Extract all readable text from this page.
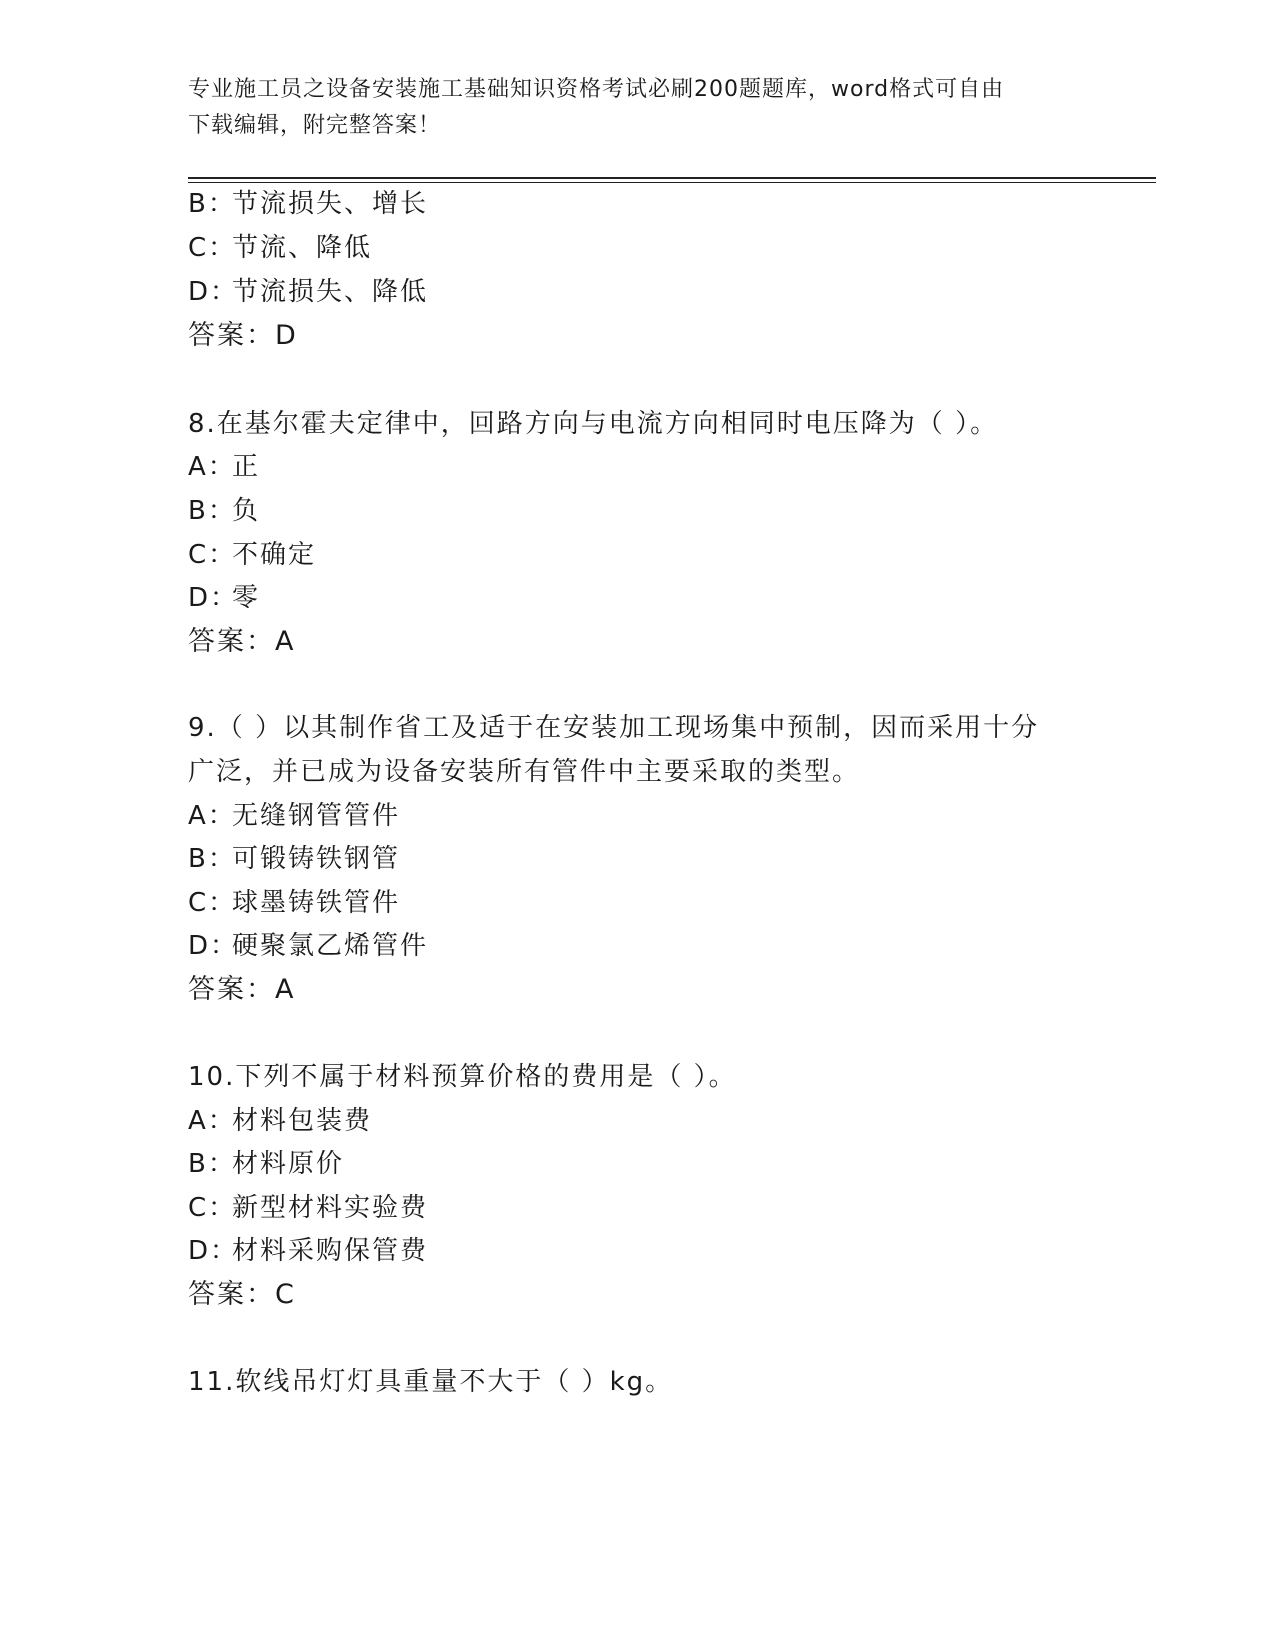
专业施工员之设备安装施工基础知识资格考试必刷200题题库，word格式可自由
下载编辑，附完整答案！
B：节流损失、增长
C：节流、降低
D：节流损失、降低
答案：D
8.在基尔霍夫定律中，回路方向与电流方向相同时电压降为（ ）。
A：正
B：负
C：不确定
D：零
答案：A
9.（ ）以其制作省工及适于在安装加工现场集中预制，因而采用十分
广泛，并已成为设备安装所有管件中主要采取的类型。
A：无缝钢管管件
B：可锻铸铁钢管
C：球墨铸铁管件
D：硬聚氯乙烯管件
答案：A
10.下列不属于材料预算价格的费用是（ ）。
A：材料包装费
B：材料原价
C：新型材料实验费
D：材料采购保管费
答案：C
11.软线吊灯灯具重量不大于（ ）kg。
